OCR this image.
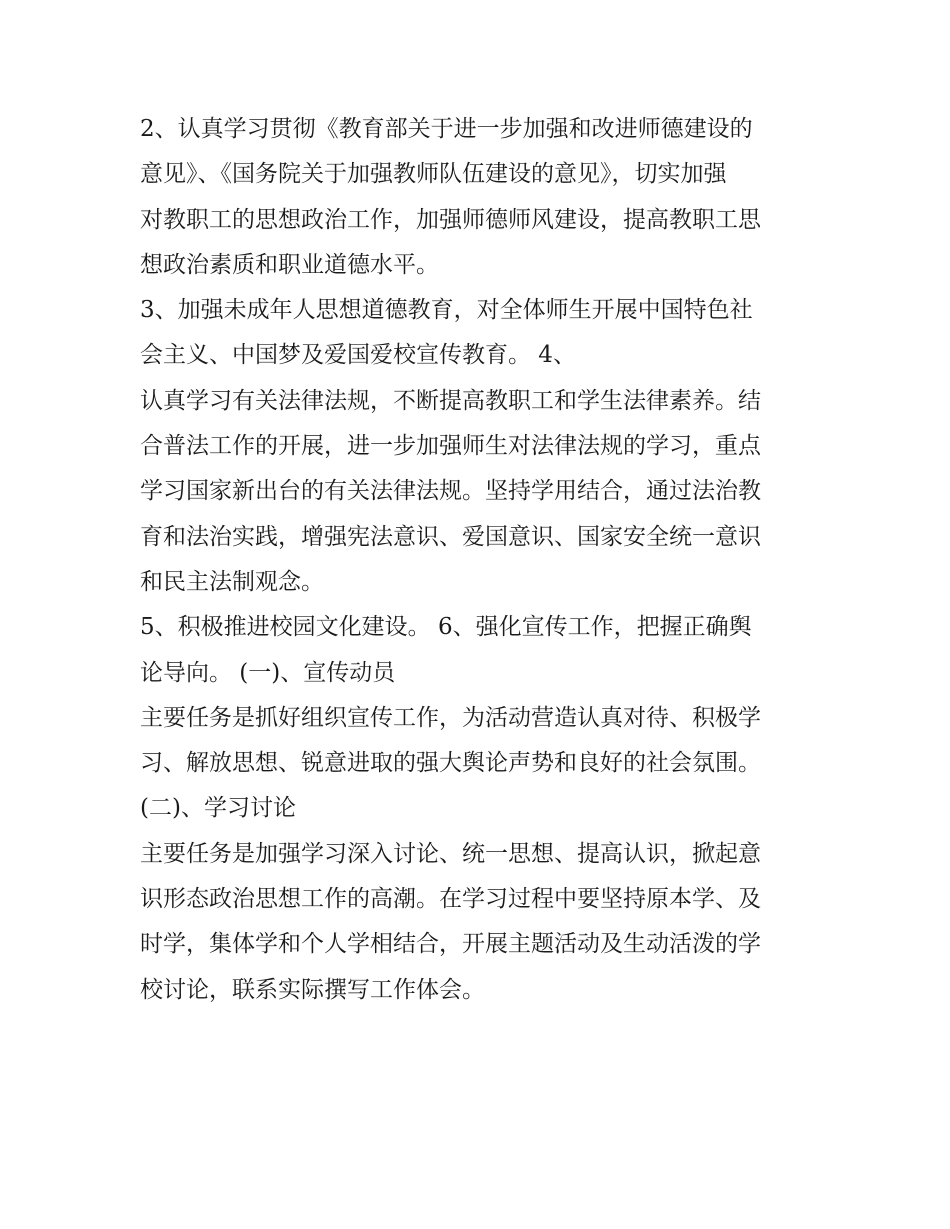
2、认真学习贯彻《教育部关于进一步加强和改进师德建设的
意见》、《国务院关于加强教师队伍建设的意见》，切实加强
对教职工的思想政治工作，加强师德师风建设，提高教职工思
想政治素质和职业道德水平。
3、加强未成年人思想道德教育，对全体师生开展中国特色社
会主义、中国梦及爱国爱校宣传教育。 4、
认真学习有关法律法规，不断提高教职工和学生法律素养。结
合普法工作的开展，进一步加强师生对法律法规的学习，重点
学习国家新出台的有关法律法规。坚持学用结合，通过法治教
育和法治实践，增强宪法意识、爱国意识、国家安全统一意识
和民主法制观念。
5、积极推进校园文化建设。 6、强化宣传工作，把握正确舆
论导向。 (一)、宣传动员
主要任务是抓好组织宣传工作，为活动营造认真对待、积极学
习、解放思想、锐意进取的强大舆论声势和良好的社会氛围。
(二)、学习讨论
主要任务是加强学习深入讨论、统一思想、提高认识，掀起意
识形态政治思想工作的高潮。在学习过程中要坚持原本学、及
时学，集体学和个人学相结合，开展主题活动及生动活泼的学
校讨论，联系实际撰写工作体会。
